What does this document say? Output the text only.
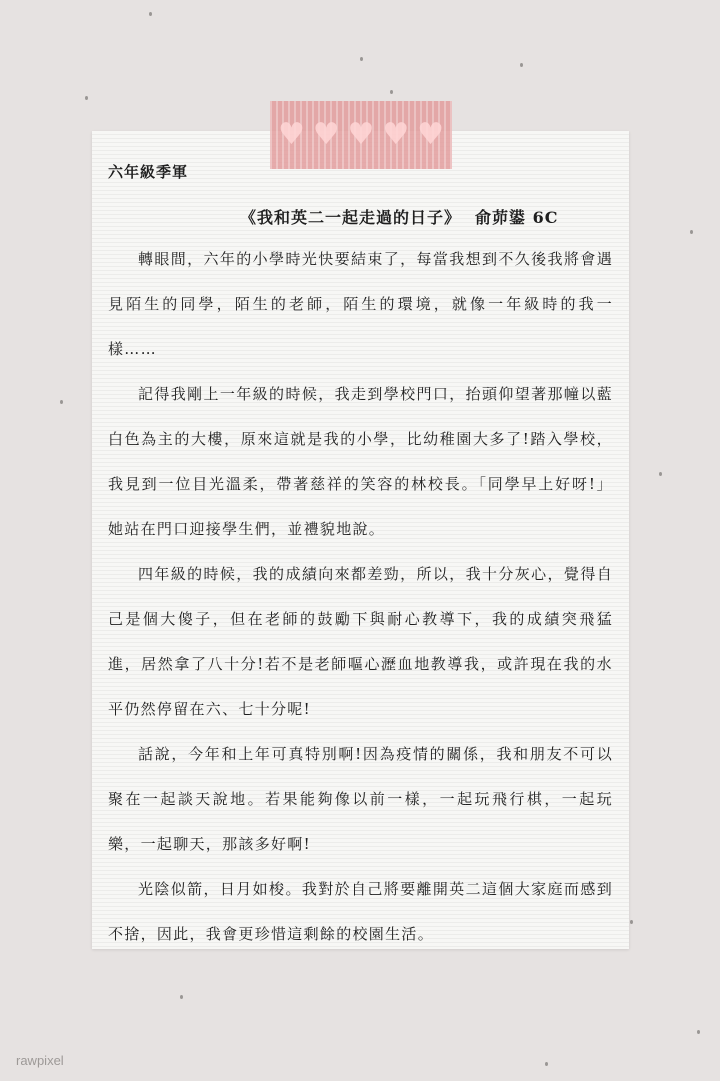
♥ ♥ ♥ ♥ ♥
六年級季軍
《我和英二一起走過的日子》 俞茆鍙 6C

轉眼間，六年的小學時光快要結束了，每當我想到不久後我將會遇見陌生的同學，陌生的老師，陌生的環境，就像一年級時的我一樣……

記得我剛上一年級的時候，我走到學校門口，抬頭仰望著那幢以藍白色為主的大樓，原來這就是我的小學，比幼稚園大多了!踏入學校，我見到一位目光溫柔，帶著慈祥的笑容的林校長。「同學早上好呀!」她站在門口迎接學生們，並禮貌地說。

四年級的時候，我的成績向來都差勁，所以，我十分灰心，覺得自己是個大傻子，但在老師的鼓勵下與耐心教導下，我的成績突飛猛進，居然拿了八十分!若不是老師嘔心瀝血地教導我，或許現在我的水平仍然停留在六、七十分呢!

話說，今年和上年可真特別啊!因為疫情的關係，我和朋友不可以聚在一起談天說地。若果能夠像以前一樣，一起玩飛行棋，一起玩樂，一起聊天，那該多好啊!

光陰似箭，日月如梭。我對於自己將要離開英二這個大家庭而感到不捨，因此，我會更珍惜這剩餘的校園生活。

rawpixel
